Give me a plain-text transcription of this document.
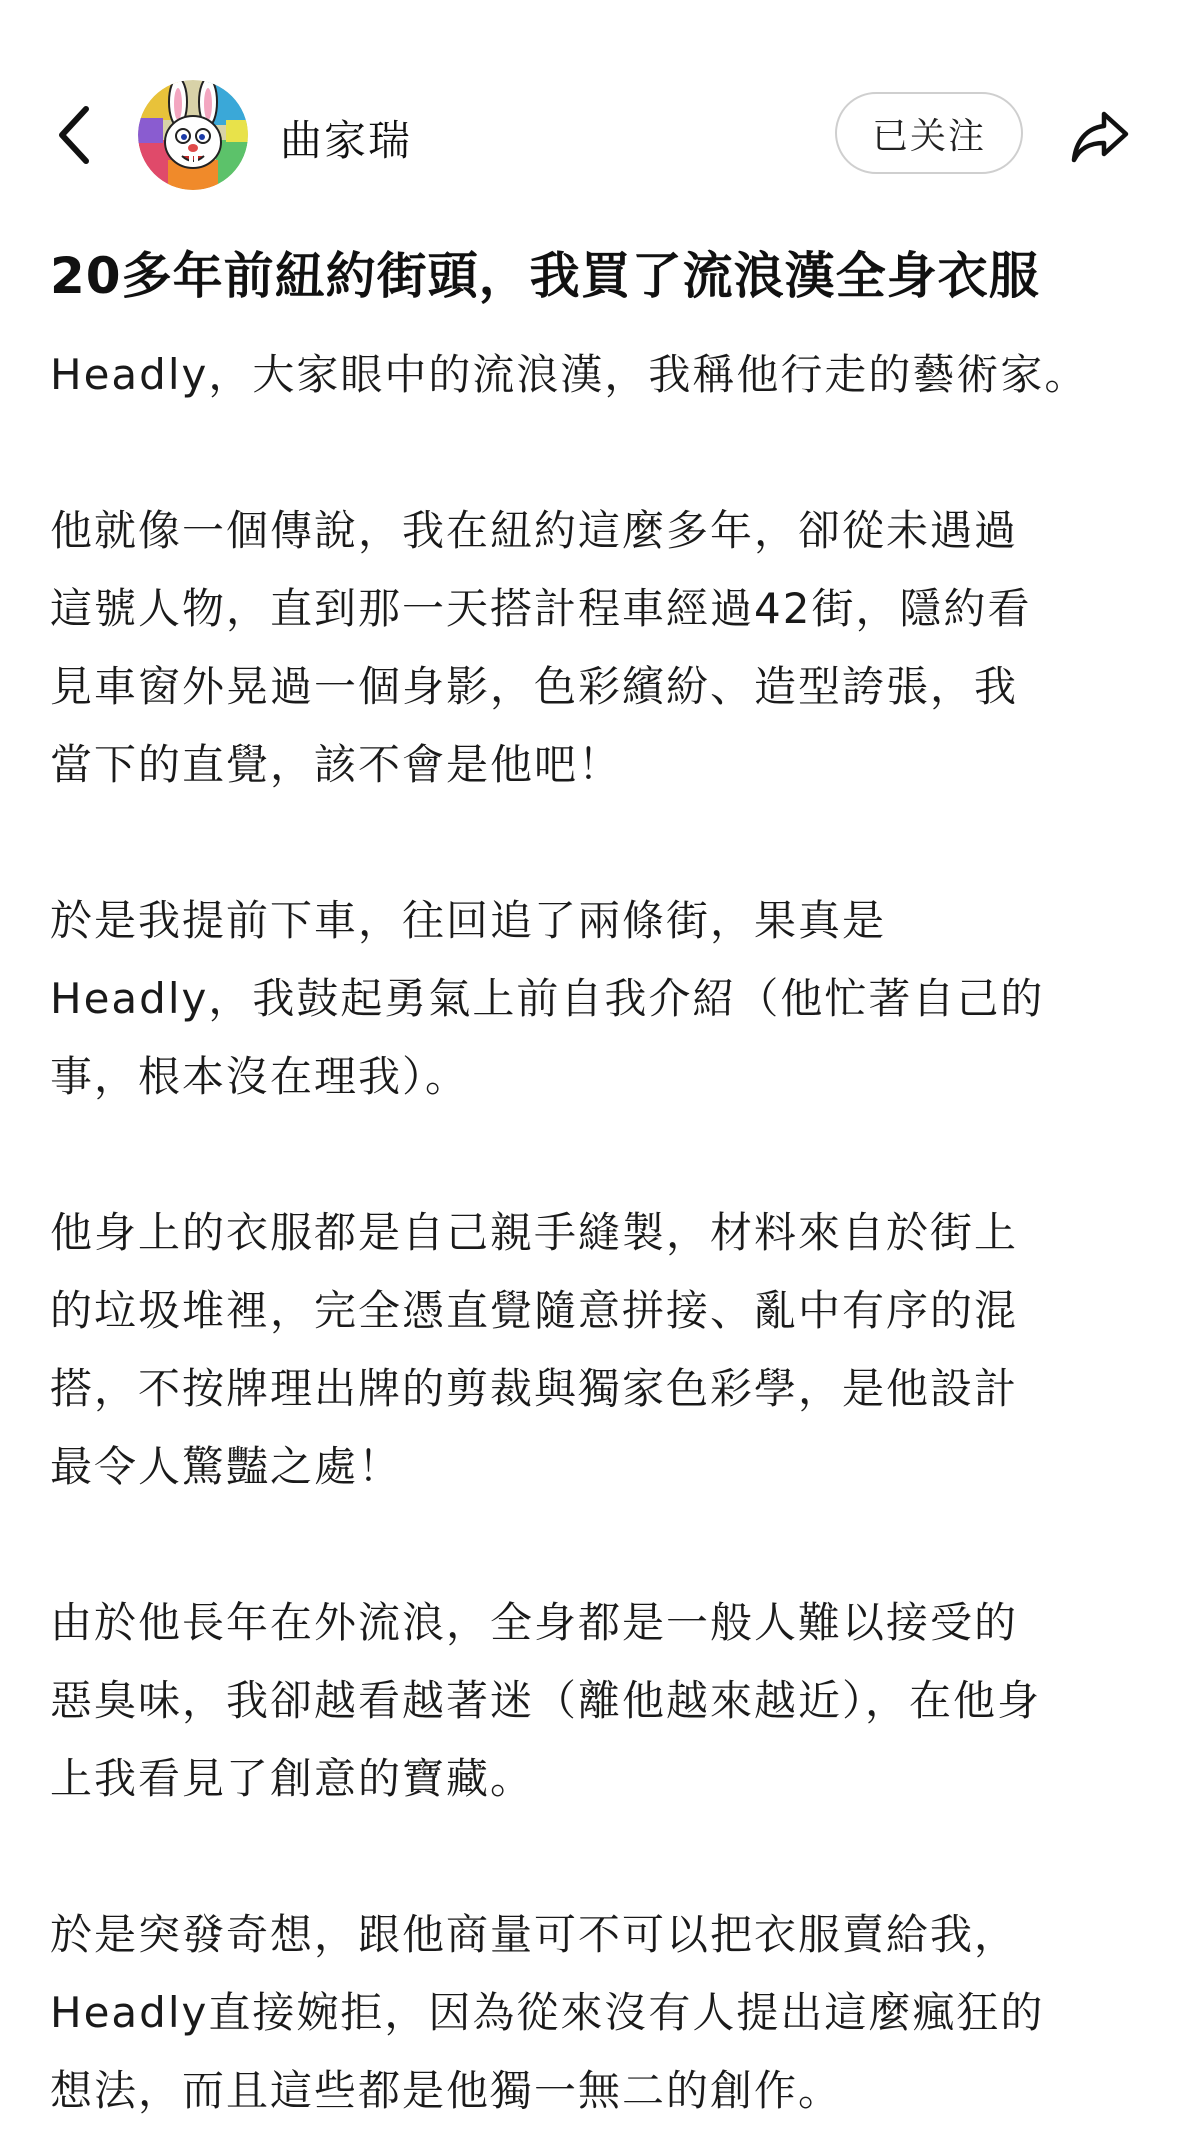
曲家瑞	已关注
20多年前紐約街頭，我買了流浪漢全身衣服
Headly，大家眼中的流浪漢，我稱他行走的藝術家。
他就像一個傳說，我在紐約這麼多年，卻從未遇過
這號人物，直到那一天搭計程車經過42街，隱約看
見車窗外晃過一個身影，色彩繽紛、造型誇張，我
當下的直覺，該不會是他吧！
於是我提前下車，往回追了兩條街，果真是
Headly，我鼓起勇氣上前自我介紹（他忙著自己的
事，根本沒在理我）。
他身上的衣服都是自己親手縫製，材料來自於街上
的垃圾堆裡，完全憑直覺隨意拼接、亂中有序的混
搭，不按牌理出牌的剪裁與獨家色彩學，是他設計
最令人驚豔之處！
由於他長年在外流浪，全身都是一般人難以接受的
惡臭味，我卻越看越著迷（離他越來越近），在他身
上我看見了創意的寶藏。
於是突發奇想，跟他商量可不可以把衣服賣給我，
Headly直接婉拒，因為從來沒有人提出這麼瘋狂的
想法，而且這些都是他獨一無二的創作。
